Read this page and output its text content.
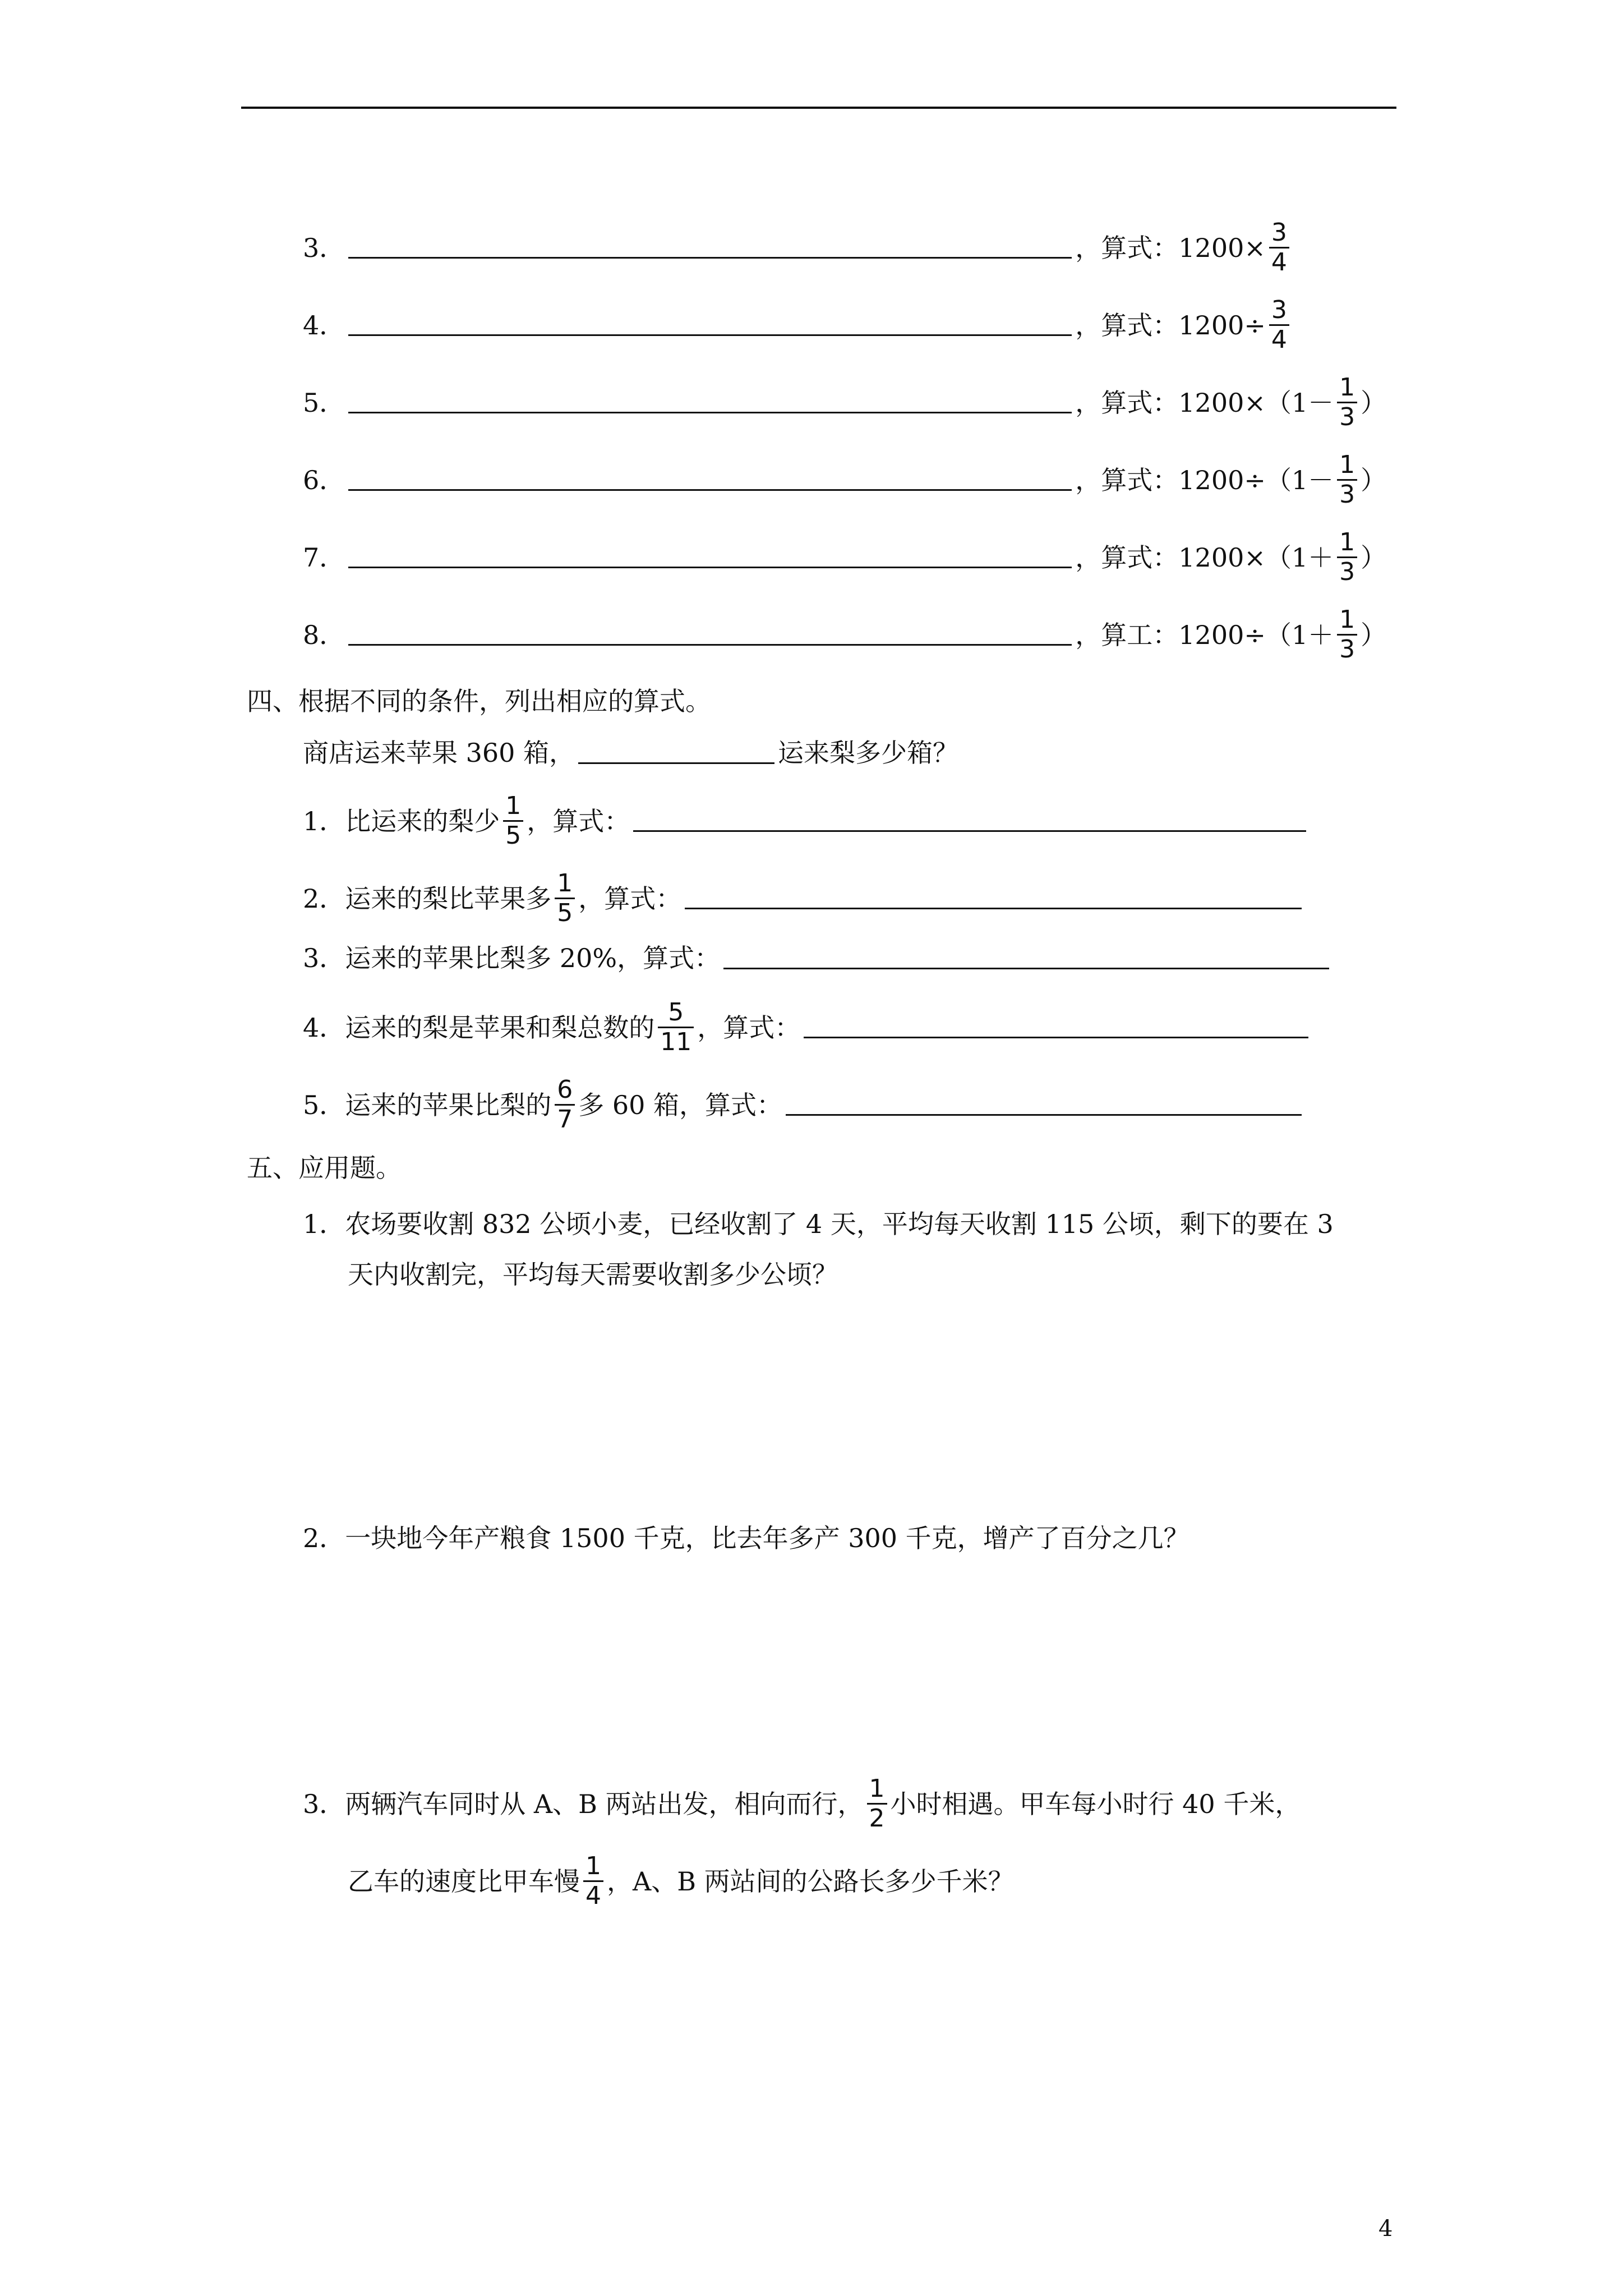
3．	，算式：$1200\times \frac{3}{4}$
4．	，算式：$1200\div \frac{3}{4}$
5．	，算式：$1200\times(1- \frac{1}{3}$ ）
6．	，算式：$1200\div(1- \frac{1}{3}$ ）
7．	，算式：$1200\times(1+ \frac{1}{3}$ ）
8．	，算工：$1200\div(1+ \frac{1}{3}$ ）
四、根据不同的条件，列出相应的算式。
商店运来苹果 360 箱，	运来梨多少箱？
1．比运来的梨少 $\frac{1}{5}$ ，算式：
2．运来的梨比苹果多 $\frac{1}{5}$ ，算式：
3．运来的苹果比梨多 20%，算式：
4．运来的梨是苹果和梨总数的 $\frac{5}{11}$ ，算式：
5．运来的苹果比梨的 $\frac{6}{7}$ 多 60 箱，算式：
五、应用题。
1．农场要收割 832 公顷小麦，已经收割了 4 天，平均每天收割 115 公顷，剩下的要在 3
天内收割完，平均每天需要收割多少公顷？
2．一块地今年产粮食 1500 千克，比去年多产 300 千克，增产了百分之几？
3．两辆汽车同时从 A、B 两站出发，相向而行， $\frac{1}{2}$ 小时相遇。甲车每小时行 40 千米，
乙车的速度比甲车慢 $\frac{1}{4}$ ，A、B 两站间的公路长多少千米？
4
